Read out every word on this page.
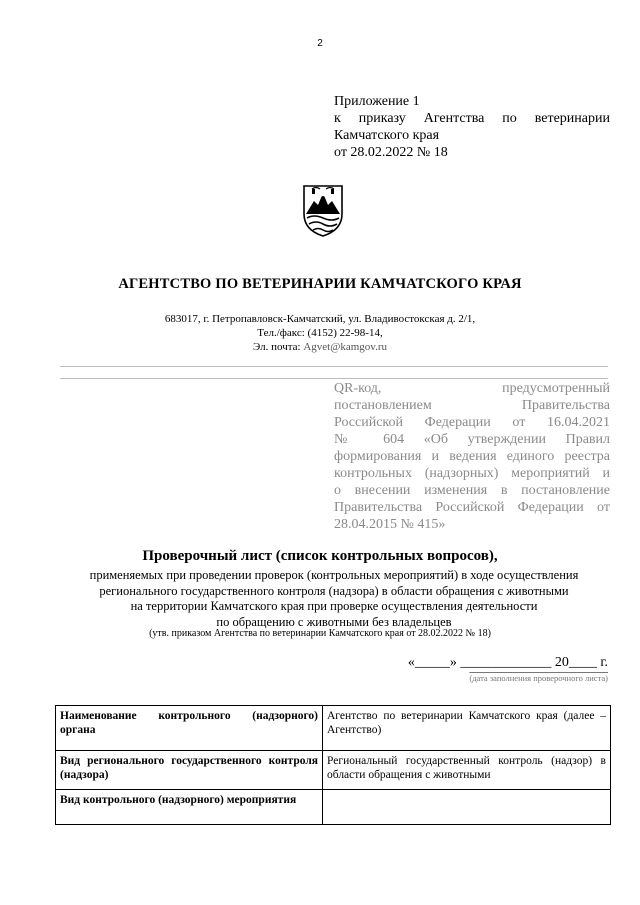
2
Приложение 1
к приказу Агентства по ветеринарии
Камчатского края
от 28.02.2022 № 18
АГЕНТСТВО ПО ВЕТЕРИНАРИИ КАМЧАТСКОГО КРАЯ
683017, г. Петропавловск-Камчатский, ул. Владивостокская д. 2/1,
Тел./факс: (4152) 22-98-14,
Эл. почта: Agvet@kamgov.ru
QR-код, предусмотренный
постановлением Правительства
Российской Федерации от 16.04.2021
№ 604 «Об утверждении Правил
формирования и ведения единого реестра
контрольных (надзорных) мероприятий и
о внесении изменения в постановление
Правительства Российской Федерации от
28.04.2015 № 415»
Проверочный лист (список контрольных вопросов),
применяемых при проведении проверок (контрольных мероприятий) в ходе осуществления
регионального государственного контроля (надзора) в области обращения с животными
на территории Камчатского края при проверке осуществления деятельности
по обращению с животными без владельцев
(утв. приказом Агентства по ветеринарии Камчатского края от 28.02.2022 № 18)
«_____» _____________ 20____ г.
(дата заполнения проверочного листа)
Наименование контрольного (надзорного) органа	Агентство по ветеринарии Камчатского края (далее – Агентство)
Вид регионального государственного контроля (надзора)	Региональный государственный контроль (надзор) в области обращения с животными
Вид контрольного (надзорного) мероприятия	
